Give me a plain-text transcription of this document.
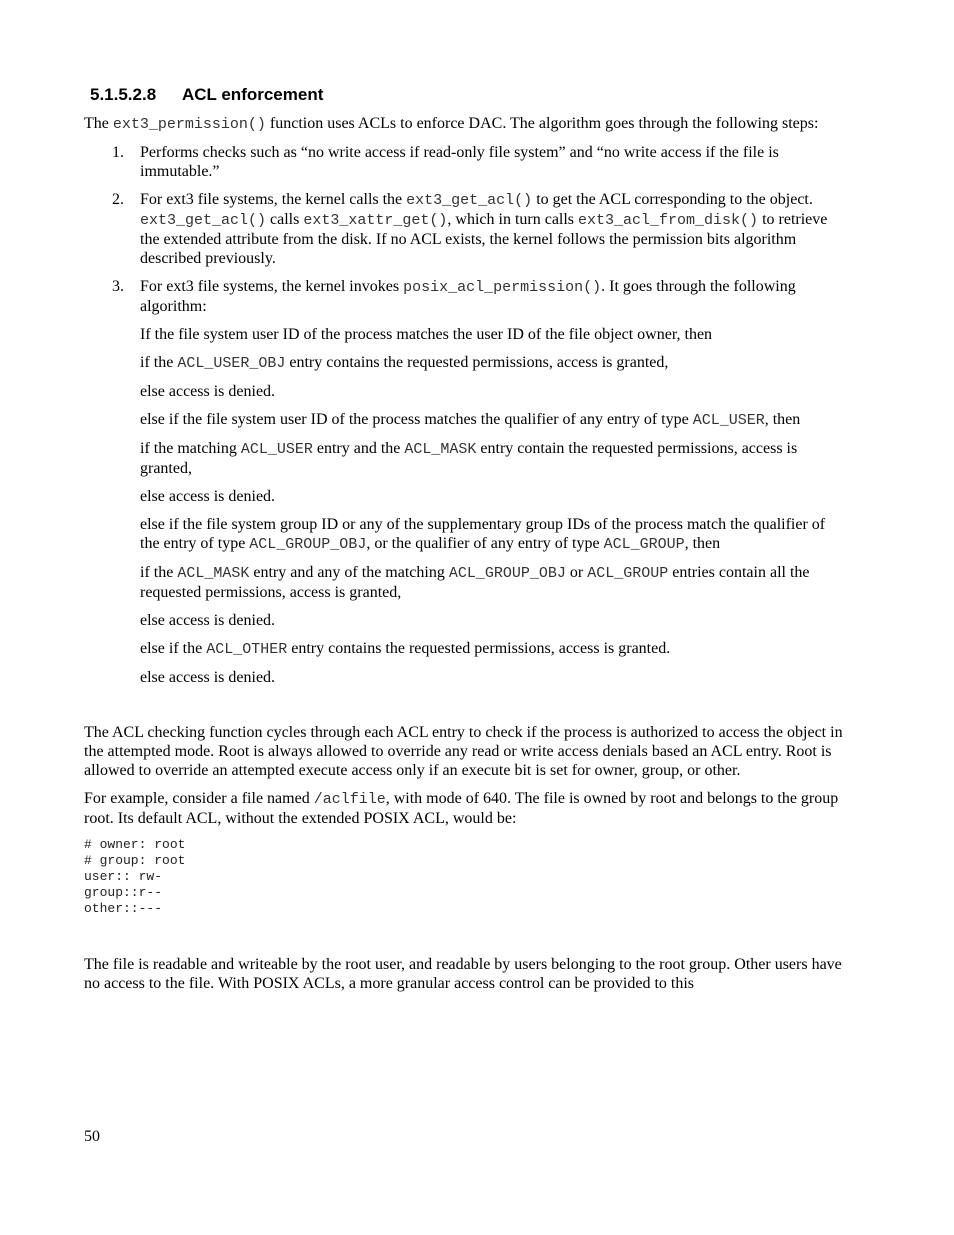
5.1.5.2.8 ACL enforcement

The ext3_permission() function uses ACLs to enforce DAC. The algorithm goes through the following steps:

1. Performs checks such as “no write access if read-only file system” and “no write access if the file is immutable.”
2. For ext3 file systems, the kernel calls the ext3_get_acl() to get the ACL corresponding to the object. ext3_get_acl() calls ext3_xattr_get(), which in turn calls ext3_acl_from_disk() to retrieve the extended attribute from the disk. If no ACL exists, the kernel follows the permission bits algorithm described previously.
3. For ext3 file systems, the kernel invokes posix_acl_permission(). It goes through the following algorithm:

If the file system user ID of the process matches the user ID of the file object owner, then

if the ACL_USER_OBJ entry contains the requested permissions, access is granted,

else access is denied.

else if the file system user ID of the process matches the qualifier of any entry of type ACL_USER, then

if the matching ACL_USER entry and the ACL_MASK entry contain the requested permissions, access is granted,

else access is denied.

else if the file system group ID or any of the supplementary group IDs of the process match the qualifier of the entry of type ACL_GROUP_OBJ, or the qualifier of any entry of type ACL_GROUP, then

if the ACL_MASK entry and any of the matching ACL_GROUP_OBJ or ACL_GROUP entries contain all the requested permissions, access is granted,

else access is denied.

else if the ACL_OTHER entry contains the requested permissions, access is granted.

else access is denied.

The ACL checking function cycles through each ACL entry to check if the process is authorized to access the object in the attempted mode. Root is always allowed to override any read or write access denials based an ACL entry. Root is allowed to override an attempted execute access only if an execute bit is set for owner, group, or other.

For example, consider a file named /aclfile, with mode of 640. The file is owned by root and belongs to the group root. Its default ACL, without the extended POSIX ACL, would be:

# owner: root
# group: root
user:: rw-
group::r--
other::---

The file is readable and writeable by the root user, and readable by users belonging to the root group. Other users have no access to the file. With POSIX ACLs, a more granular access control can be provided to this

50
